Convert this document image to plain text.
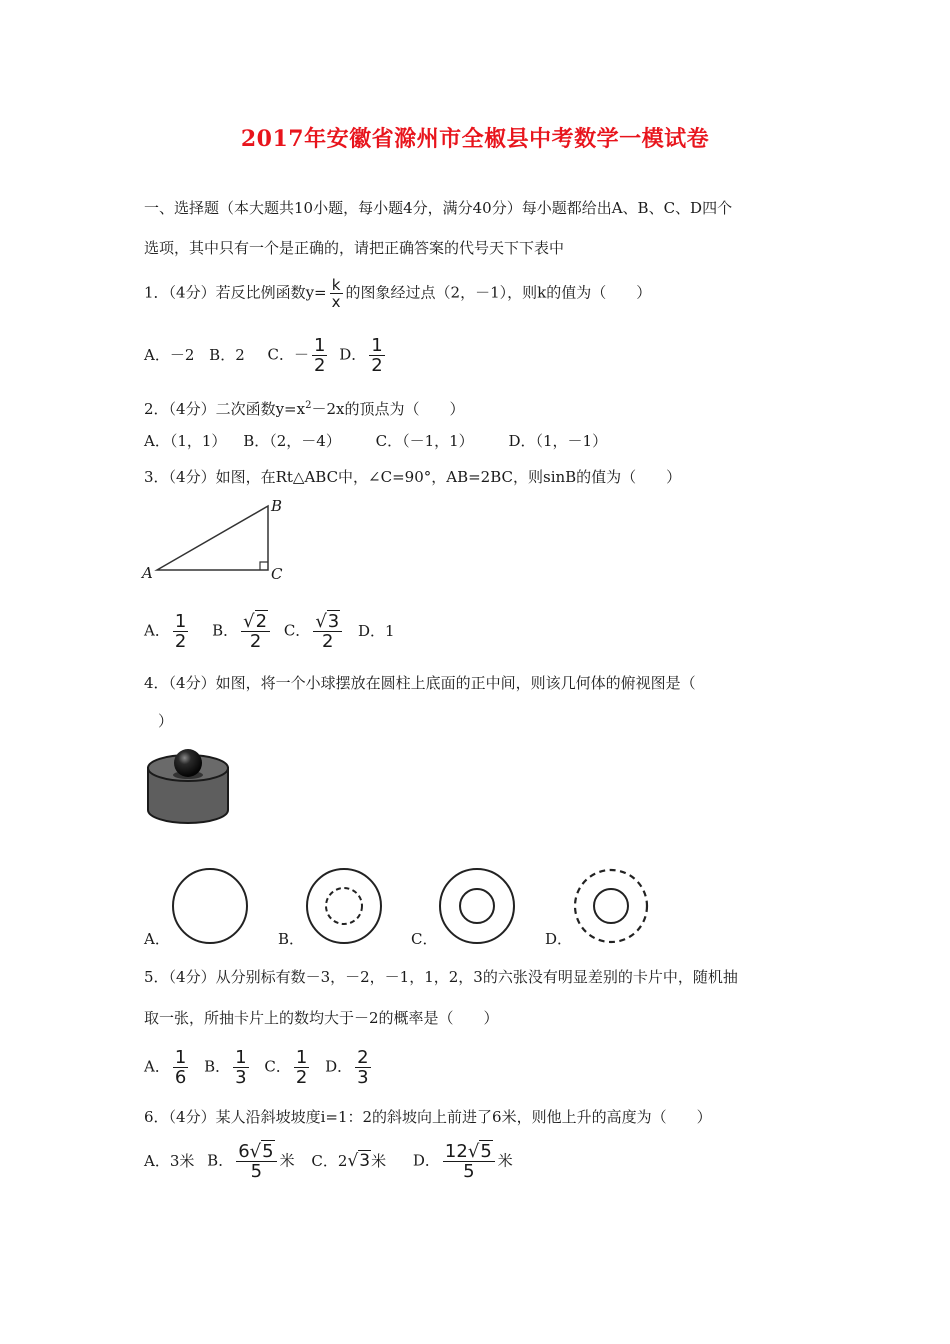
2017年安徽省滁州市全椒县中考数学一模试卷
一、选择题（本大题共10小题，每小题4分，满分40分）每小题都给出A、B、C、D四个
选项，其中只有一个是正确的，请把正确答案的代号天下下表中
1．（4分）若反比例函数$y= \frac{k}{x}$ 的图象经过点（2，－1），则k的值为（　　）
A．－2 B．2 C．－ $\frac{1}{2}$ D． $\frac{1}{2}$
2．（4分）二次函数$y=x^2-2x$的顶点为（　　）
A．（1，1） B．（2，－4） C．（－1，1） D．（1，－1）
3．（4分）如图，在Rt△ABC中，∠C=90°，AB=2BC，则sinB的值为（　　）
A
B
C
A． $\frac{1}{2}$ B． $\frac{√2}{2}$ C． $\frac{√3}{2}$ D．1
4．（4分）如图，将一个小球摆放在圆柱上底面的正中间，则该几何体的俯视图是（
）
A．	B．	C．	D．
5．（4分）从分别标有数－3，－2，－1，1，2，3的六张没有明显差别的卡片中，随机抽
取一张，所抽卡片上的数均大于－2的概率是（　　）
A． $\frac{1}{6}$ B． $\frac{1}{3}$ C． $\frac{1}{2}$ D． $\frac{2}{3}$
6．（4分）某人沿斜坡坡度i=1：2的斜坡向上前进了6米，则他上升的高度为（　　）
A．3米 B． $\frac{6√5}{5}$ 米 C．2√3米 D． $\frac{12√5}{5}$ 米
